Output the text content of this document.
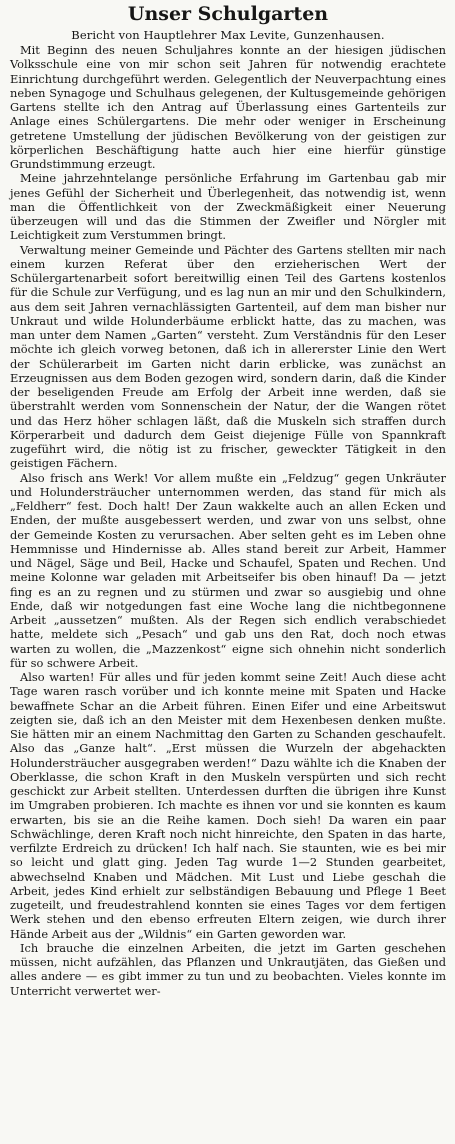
Unser Schulgarten

Bericht von Hauptlehrer Max Levite, Gunzenhausen.

Mit Beginn des neuen Schuljahres konnte an der hiesigen jüdischen Volksschule eine von mir schon seit Jahren für notwendig erachtete Einrichtung durchgeführt werden. Gelegentlich der Neuverpachtung eines neben Synagoge und Schulhaus gelegenen, der Kultusgemeinde gehörigen Gartens stellte ich den Antrag auf Überlassung eines Gartenteils zur Anlage eines Schülergartens. Die mehr oder weniger in Erscheinung getretene Umstellung der jüdischen Bevölkerung von der geistigen zur körperlichen Beschäftigung hatte auch hier eine hierfür günstige Grundstimmung erzeugt.

Meine jahrzehntelange persönliche Erfahrung im Gartenbau gab mir jenes Gefühl der Sicherheit und Überlegenheit, das notwendig ist, wenn man die Öffentlichkeit von der Zweckmäßigkeit einer Neuerung überzeugen will und das die Stimmen der Zweifler und Nörgler mit Leichtigkeit zum Verstummen bringt.

Verwaltung meiner Gemeinde und Pächter des Gartens stellten mir nach einem kurzen Referat über den erzieherischen Wert der Schülergartenarbeit sofort bereitwillig einen Teil des Gartens kostenlos für die Schule zur Verfügung, und es lag nun an mir und den Schulkindern, aus dem seit Jahren vernachlässigten Gartenteil, auf dem man bisher nur Unkraut und wilde Holunderbäume erblickt hatte, das zu machen, was man unter dem Namen „Garten“ versteht. Zum Verständnis für den Leser möchte ich gleich vorweg betonen, daß ich in allererster Linie den Wert der Schülerarbeit im Garten nicht darin erblicke, was zunächst an Erzeugnissen aus dem Boden gezogen wird, sondern darin, daß die Kinder der beseligenden Freude am Erfolg der Arbeit inne werden, daß sie überstrahlt werden vom Sonnenschein der Natur, der die Wangen rötet und das Herz höher schlagen läßt, daß die Muskeln sich straffen durch Körperarbeit und dadurch dem Geist diejenige Fülle von Spannkraft zugeführt wird, die nötig ist zu frischer, geweckter Tätigkeit in den geistigen Fächern.

Also frisch ans Werk! Vor allem mußte ein „Feldzug“ gegen Unkräuter und Holundersträucher unternommen werden, das stand für mich als „Feldherr“ fest. Doch halt! Der Zaun wakkelte auch an allen Ecken und Enden, der mußte ausgebessert werden, und zwar von uns selbst, ohne der Gemeinde Kosten zu verursachen. Aber selten geht es im Leben ohne Hemmnisse und Hindernisse ab. Alles stand bereit zur Arbeit, Hammer und Nägel, Säge und Beil, Hacke und Schaufel, Spaten und Rechen. Und meine Kolonne war geladen mit Arbeitseifer bis oben hinauf! Da — jetzt fing es an zu regnen und zu stürmen und zwar so ausgiebig und ohne Ende, daß wir notgedungen fast eine Woche lang die nichtbegonnene Arbeit „aussetzen“ mußten. Als der Regen sich endlich verabschiedet hatte, meldete sich „Pesach“ und gab uns den Rat, doch noch etwas warten zu wollen, die „Mazzenkost“ eigne sich ohnehin nicht sonderlich für so schwere Arbeit.

Also warten! Für alles und für jeden kommt seine Zeit! Auch diese acht Tage waren rasch vorüber und ich konnte meine mit Spaten und Hacke bewaffnete Schar an die Arbeit führen. Einen Eifer und eine Arbeitswut zeigten sie, daß ich an den Meister mit dem Hexenbesen denken mußte. Sie hätten mir an einem Nachmittag den Garten zu Schanden geschaufelt. Also das „Ganze halt“. „Erst müssen die Wurzeln der abgehackten Holundersträucher ausgegraben werden!“ Dazu wählte ich die Knaben der Oberklasse, die schon Kraft in den Muskeln verspürten und sich recht geschickt zur Arbeit stellten. Unterdessen durften die übrigen ihre Kunst im Umgraben probieren. Ich machte es ihnen vor und sie konnten es kaum erwarten, bis sie an die Reihe kamen. Doch sieh! Da waren ein paar Schwächlinge, deren Kraft noch nicht hinreichte, den Spaten in das harte, verfilzte Erdreich zu drücken! Ich half nach. Sie staunten, wie es bei mir so leicht und glatt ging. Jeden Tag wurde 1—2 Stunden gearbeitet, abwechselnd Knaben und Mädchen. Mit Lust und Liebe geschah die Arbeit, jedes Kind erhielt zur selbständigen Bebauung und Pflege 1 Beet zugeteilt, und freudestrahlend konnten sie eines Tages vor dem fertigen Werk stehen und den ebenso erfreuten Eltern zeigen, wie durch ihrer Hände Arbeit aus der „Wildnis“ ein Garten geworden war.

Ich brauche die einzelnen Arbeiten, die jetzt im Garten geschehen müssen, nicht aufzählen, das Pflanzen und Unkrautjäten, das Gießen und alles andere — es gibt immer zu tun und zu beobachten. Vieles konnte im Unterricht verwertet wer-
